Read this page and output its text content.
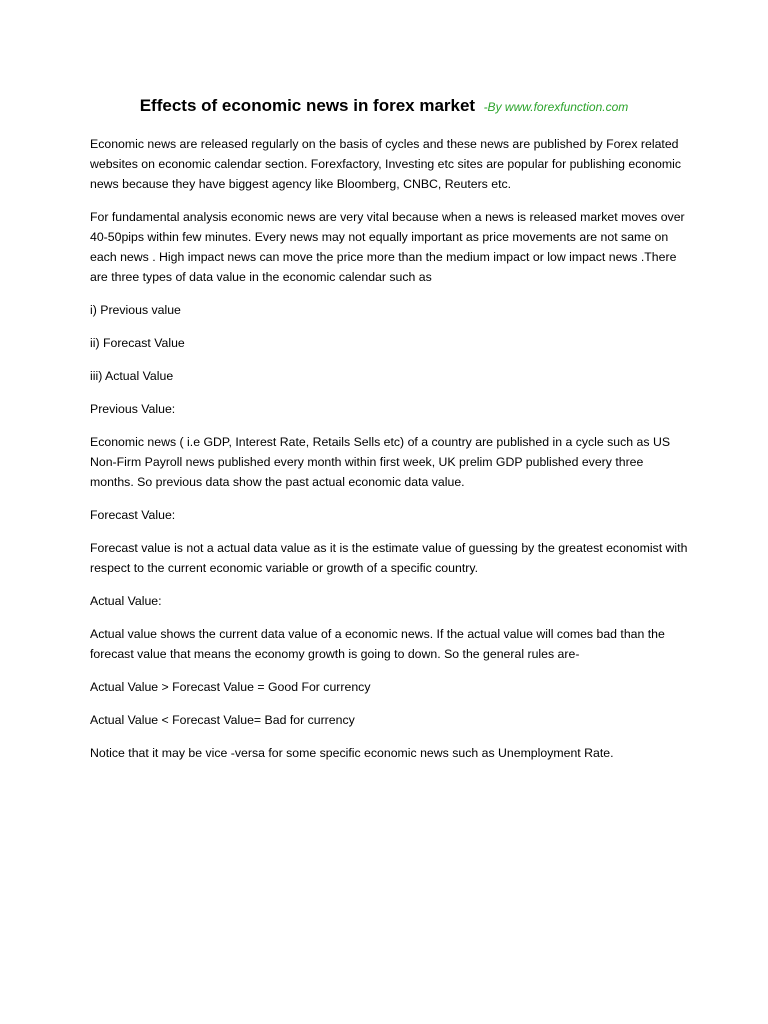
Effects of economic news in forex market -By www.forexfunction.com

Economic news are released regularly on the basis of cycles and these news are published by Forex related websites on economic calendar section. Forexfactory, Investing etc sites are popular for publishing economic news because they have biggest agency like Bloomberg, CNBC, Reuters etc.

For fundamental analysis economic news are very vital because when a news is released market moves over 40-50pips within few minutes. Every news may not equally important as price movements are not same on each news . High impact news can move the price more than the medium impact or low impact news .There are three types of data value in the economic calendar such as

i) Previous value

ii) Forecast Value

iii) Actual Value

Previous Value:

Economic news ( i.e GDP, Interest Rate, Retails Sells etc) of a country are published in a cycle such as US Non-Firm Payroll news published every month within first week, UK prelim GDP published every three months. So previous data show the past actual economic data value.

Forecast Value:

Forecast value is not a actual data value as it is the estimate value of guessing by the greatest economist with respect to the current economic variable or growth of a specific country.

Actual Value:

Actual value shows the current data value of a economic news. If the actual value will comes bad than the forecast value that means the economy growth is going to down. So the general rules are-

Actual Value > Forecast Value = Good For currency

Actual Value < Forecast Value= Bad for currency

Notice that it may be vice -versa for some specific economic news such as Unemployment Rate.
